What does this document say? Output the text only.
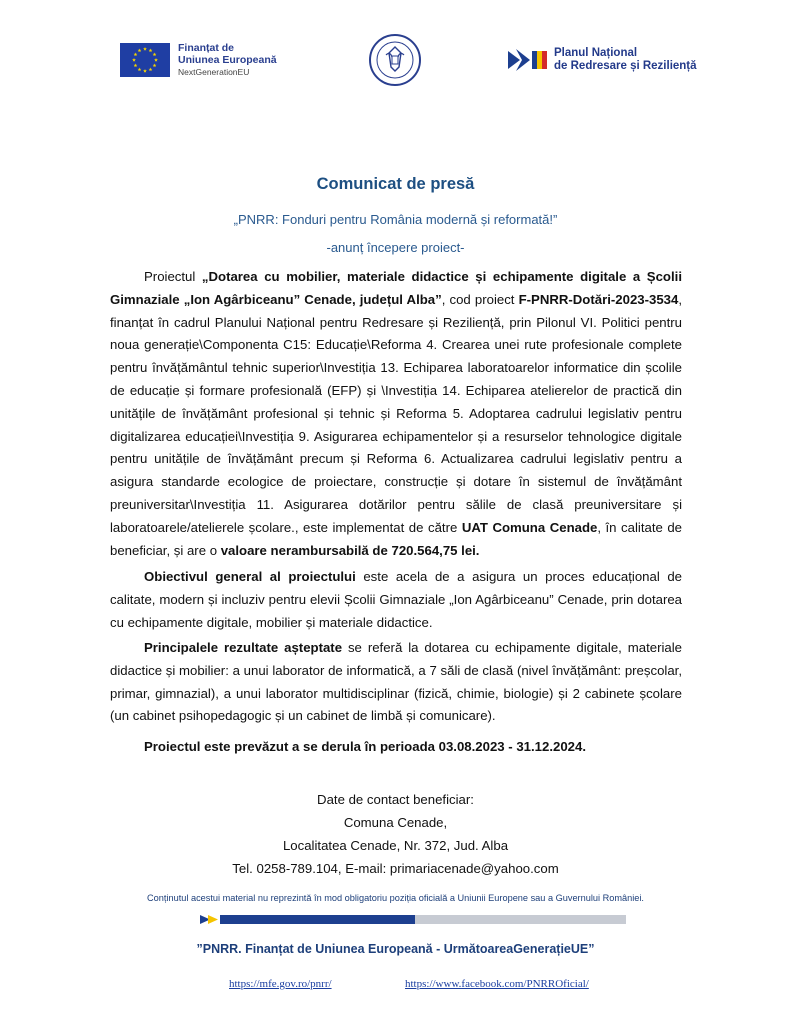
Finanțat de
Uniunea Europeană
NextGenerationEU
Planul Național
de Redresare și Reziliență
Comunicat de presă
„PNRR: Fonduri pentru România modernă și reformată!”
-anunț începere proiect-
Proiectul „Dotarea cu mobilier, materiale didactice și echipamente digitale a Școlii Gimnaziale „Ion Agârbiceanu” Cenade, județul Alba”, cod proiect F-PNRR-Dotări-2023-3534, finanțat în cadrul Planului Național pentru Redresare și Reziliență, prin Pilonul VI. Politici pentru noua generație\Componenta C15: Educație\Reforma 4. Crearea unei rute profesionale complete pentru învățământul tehnic superior\Investiția 13. Echiparea laboratoarelor informatice din școlile de educație și formare profesională (EFP) și \Investiția 14. Echiparea atelierelor de practică din unitățile de învățământ profesional și tehnic și Reforma 5. Adoptarea cadrului legislativ pentru digitalizarea educației\Investiția 9. Asigurarea echipamentelor și a resurselor tehnologice digitale pentru unitățile de învățământ precum și Reforma 6. Actualizarea cadrului legislativ pentru a asigura standarde ecologice de proiectare, construcție și dotare în sistemul de învățământ preuniversitar\Investiția 11. Asigurarea dotărilor pentru sălile de clasă preuniversitare și laboratoarele/atelierele școlare., este implementat de către UAT Comuna Cenade, în calitate de beneficiar, și are o valoare nerambursabilă de 720.564,75 lei.
Obiectivul general al proiectului este acela de a asigura un proces educațional de calitate, modern și incluziv pentru elevii Școlii Gimnaziale „Ion Agârbiceanu” Cenade, prin dotarea cu echipamente digitale, mobilier și materiale didactice.
Principalele rezultate așteptate se referă la dotarea cu echipamente digitale, materiale didactice și mobilier: a unui laborator de informatică, a 7 săli de clasă (nivel învățământ: preșcolar, primar, gimnazial), a unui laborator multidisciplinar (fizică, chimie, biologie) și 2 cabinete școlare (un cabinet psihopedagogic și un cabinet de limbă și comunicare).
Proiectul este prevăzut a se derula în perioada 03.08.2023 - 31.12.2024.
Date de contact beneficiar:
Comuna Cenade,
Localitatea Cenade, Nr. 372, Jud. Alba
Tel. 0258-789.104, E-mail: primariacenade@yahoo.com
Conținutul acestui material nu reprezintă în mod obligatoriu poziția oficială a Uniunii Europene sau a Guvernului României.
”PNRR. Finanțat de Uniunea Europeană - UrmătoareaGenerațieUE”
https://mfe.gov.ro/pnrr/	https://www.facebook.com/PNRROficial/
